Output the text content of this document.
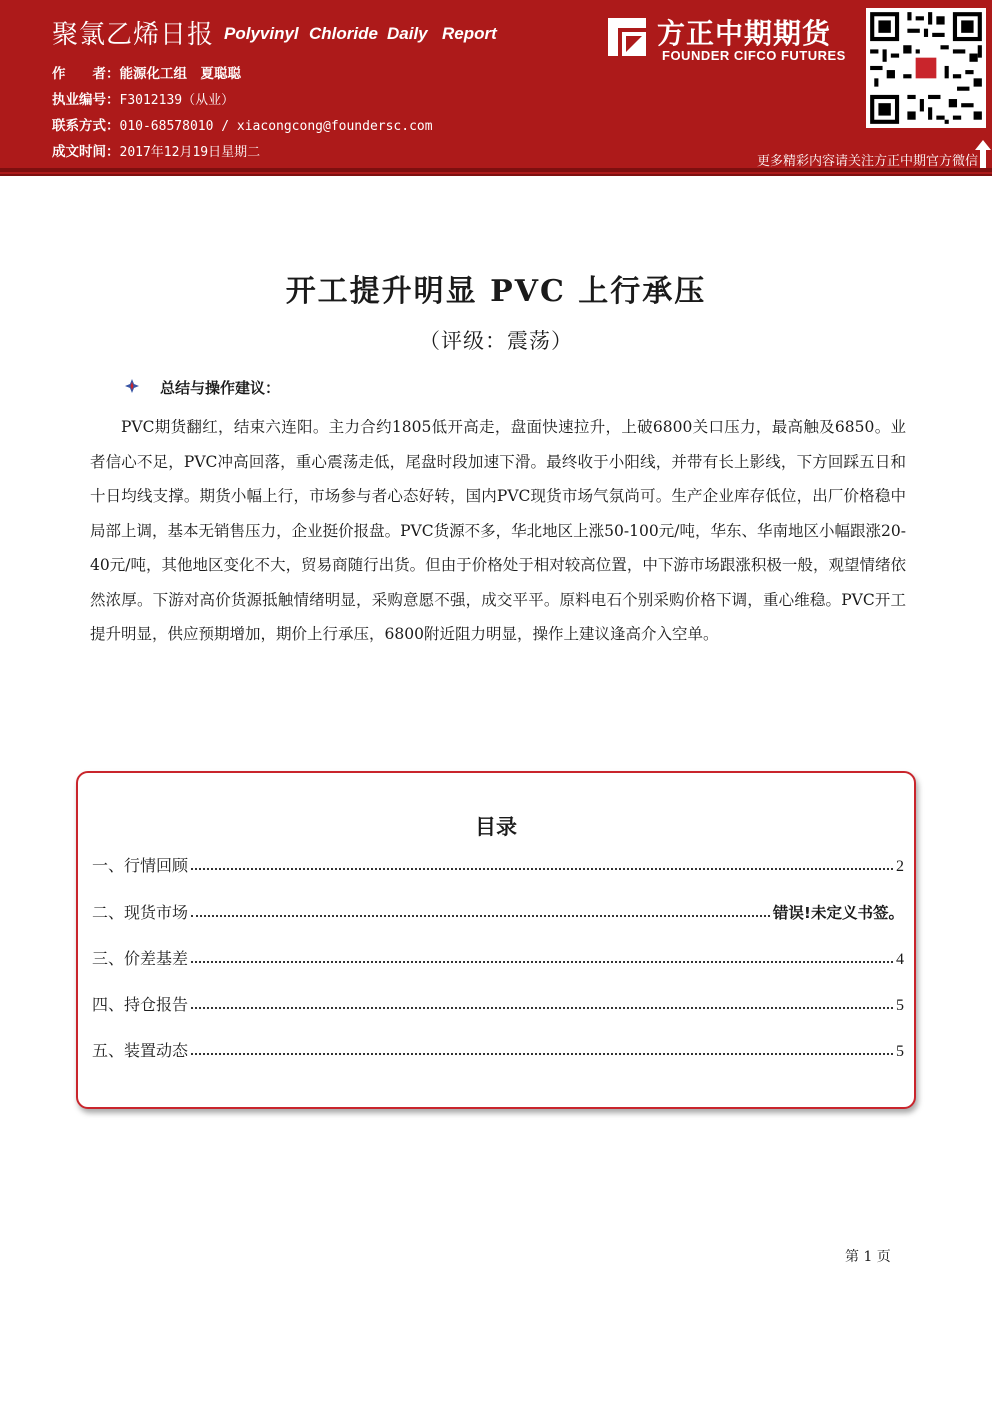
聚氯乙烯日报 Polyvinyl Chloride Daily Report
作　　者：能源化工组　夏聪聪
执业编号：F3012139（从业）
联系方式：010-68578010 / xiacongcong@foundersc.com
成文时间：2017年12月19日星期二
方正中期期货
FOUNDER CIFCO FUTURES
更多精彩内容请关注方正中期官方微信
开工提升明显 PVC 上行承压
（评级：震荡）
总结与操作建议：
PVC期货翻红，结束六连阳。主力合约1805低开高走，盘面快速拉升，上破6800关口压力，最高触及6850。业者信心不足，PVC冲高回落，重心震荡走低，尾盘时段加速下滑。最终收于小阳线，并带有长上影线，下方回踩五日和十日均线支撑。期货小幅上行，市场参与者心态好转，国内PVC现货市场气氛尚可。生产企业库存低位，出厂价格稳中局部上调，基本无销售压力，企业挺价报盘。PVC货源不多，华北地区上涨50-100元/吨，华东、华南地区小幅跟涨20-40元/吨，其他地区变化不大，贸易商随行出货。但由于价格处于相对较高位置，中下游市场跟涨积极一般，观望情绪依然浓厚。下游对高价货源抵触情绪明显，采购意愿不强，成交平平。原料电石个别采购价格下调，重心维稳。PVC开工提升明显，供应预期增加，期价上行承压，6800附近阻力明显，操作上建议逢高介入空单。
目录
一、行情回顾	2
二、现货市场	错误!未定义书签。
三、价差基差	4
四、持仓报告	5
五、装置动态	5
第 1 页
